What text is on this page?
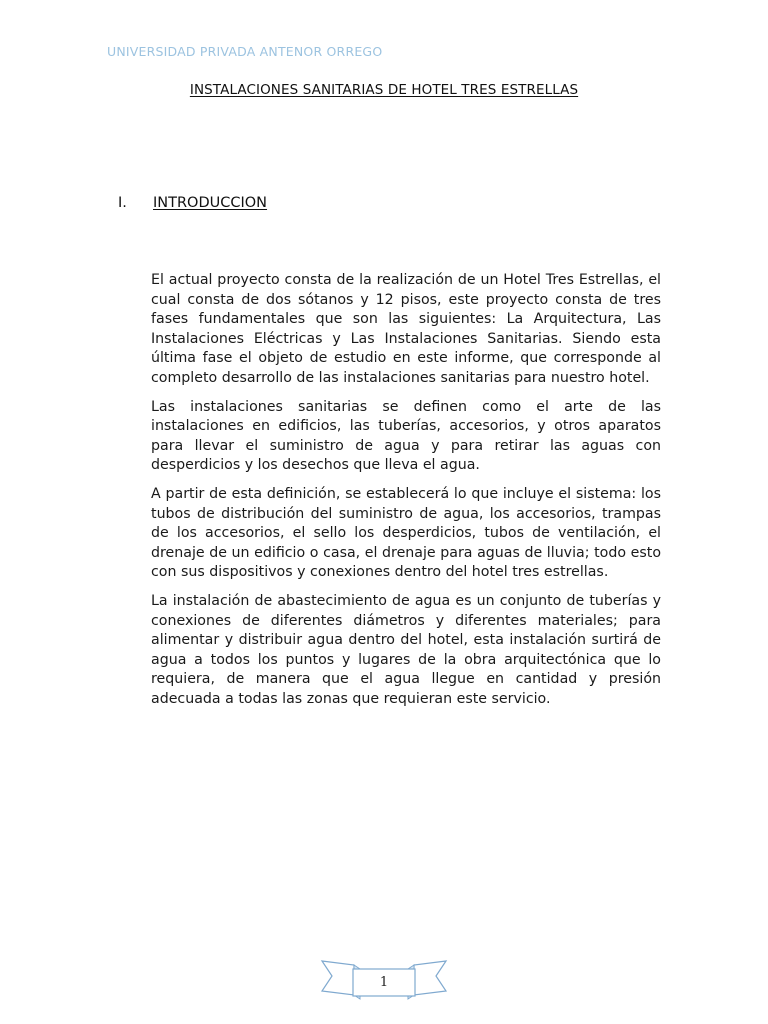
UNIVERSIDAD PRIVADA ANTENOR ORREGO
INSTALACIONES SANITARIAS DE HOTEL TRES ESTRELLAS
I. INTRODUCCION

El actual proyecto consta de la realización de un Hotel Tres Estrellas, el cual consta de dos sótanos y 12 pisos, este proyecto consta de tres fases fundamentales que son las siguientes: La Arquitectura, Las Instalaciones Eléctricas y Las Instalaciones Sanitarias. Siendo esta última fase el objeto de estudio en este informe, que corresponde al completo desarrollo de las instalaciones sanitarias para nuestro hotel.

Las instalaciones sanitarias se definen como el arte de las instalaciones en edificios, las tuberías, accesorios, y otros aparatos para llevar el suministro de agua y para retirar las aguas con desperdicios y los desechos que lleva el agua.

A partir de esta definición, se establecerá lo que incluye el sistema: los tubos de distribución del suministro de agua, los accesorios, trampas de los accesorios, el sello los desperdicios, tubos de ventilación, el drenaje de un edificio o casa, el drenaje para aguas de lluvia; todo esto con sus dispositivos y conexiones dentro del hotel tres estrellas.

La instalación de abastecimiento de agua es un conjunto de tuberías y conexiones de diferentes diámetros y diferentes materiales; para alimentar y distribuir agua dentro del hotel, esta instalación surtirá de agua a todos los puntos y lugares de la obra arquitectónica que lo requiera, de manera que el agua llegue en cantidad y presión adecuada a todas las zonas que requieran este servicio.

1
